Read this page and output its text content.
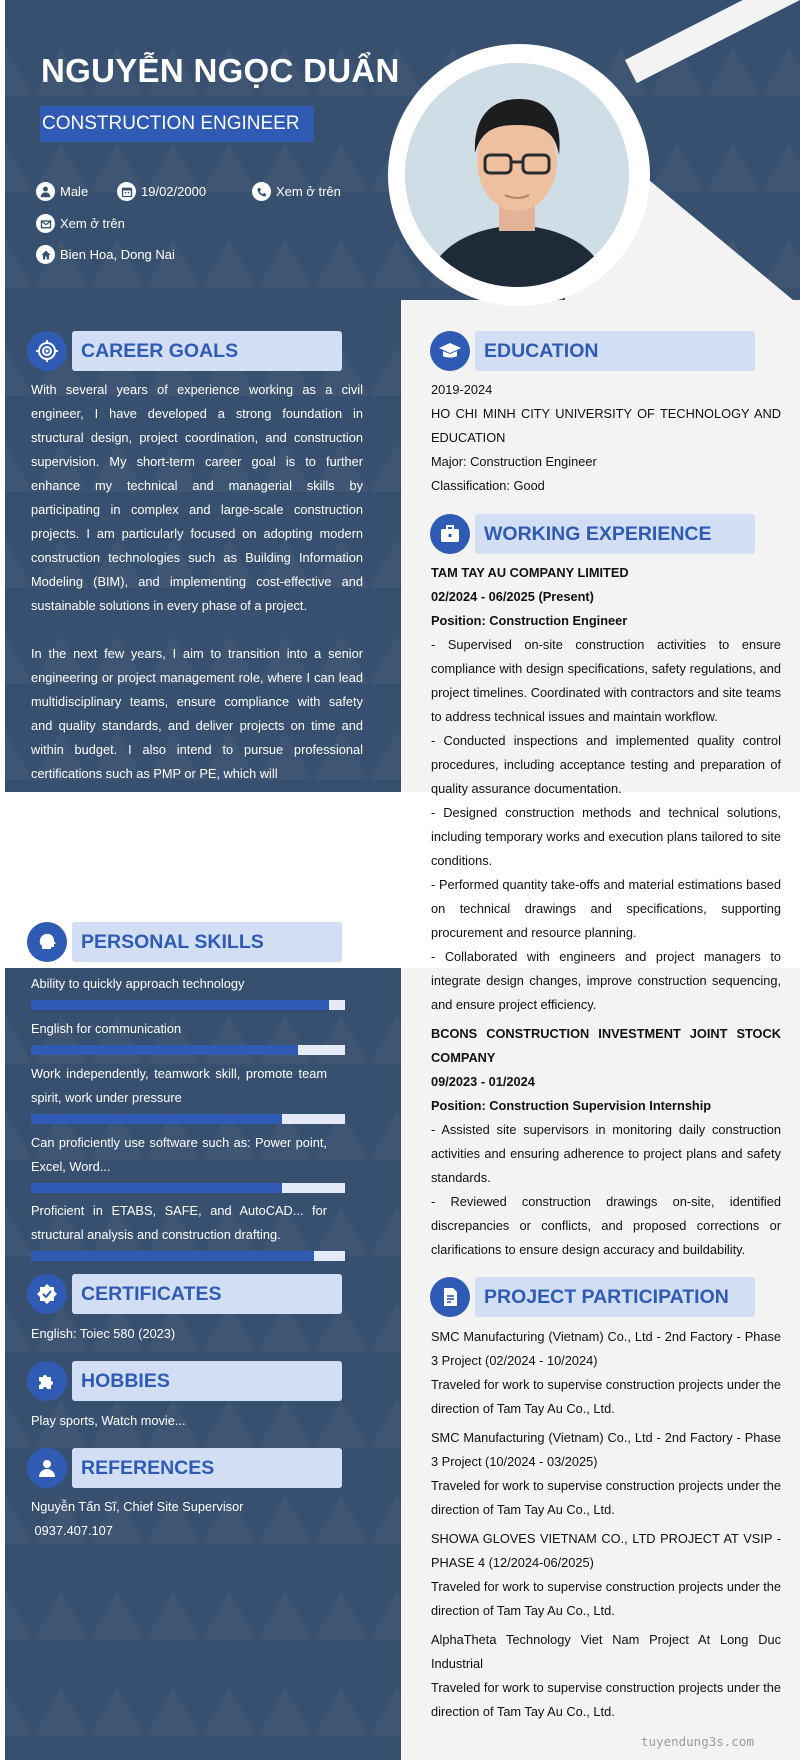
NGUYỄN NGỌC DUẨN
CONSTRUCTION ENGINEER
Male	19/02/2000	Xem ở trên
Xem ở trên
Bien Hoa, Dong Nai
CAREER GOALS
With several years of experience working as a civil engineer, I have developed a strong foundation in structural design, project coordination, and construction supervision. My short-term career goal is to further enhance my technical and managerial skills by participating in complex and large-scale construction projects. I am particularly focused on adopting modern construction technologies such as Building Information Modeling (BIM), and implementing cost-effective and sustainable solutions in every phase of a project.
In the next few years, I aim to transition into a senior engineering or project management role, where I can lead multidisciplinary teams, ensure compliance with safety and quality standards, and deliver projects on time and within budget. I also intend to pursue professional certifications such as PMP or PE, which will
PERSONAL SKILLS
Ability to quickly approach technology
English for communication
Work independently, teamwork skill, promote team spirit, work under pressure
Can proficiently use software such as: Power point, Excel, Word...
Proficient in ETABS, SAFE, and AutoCAD... for structural analysis and construction drafting.
CERTIFICATES
English: Toiec 580 (2023)
HOBBIES
Play sports, Watch movie...
REFERENCES
Nguyễn Tấn Sĩ, Chief Site Supervisor
0937.407.107
EDUCATION
2019-2024
HO CHI MINH CITY UNIVERSITY OF TECHNOLOGY AND EDUCATION
Major: Construction Engineer
Classification: Good
WORKING EXPERIENCE
TAM TAY AU COMPANY LIMITED
02/2024 - 06/2025 (Present)
Position: Construction Engineer
- Supervised on-site construction activities to ensure compliance with design specifications, safety regulations, and project timelines. Coordinated with contractors and site teams to address technical issues and maintain workflow.
- Conducted inspections and implemented quality control procedures, including acceptance testing and preparation of quality assurance documentation.
- Designed construction methods and technical solutions, including temporary works and execution plans tailored to site conditions.
- Performed quantity take-offs and material estimations based on technical drawings and specifications, supporting procurement and resource planning.
- Collaborated with engineers and project managers to integrate design changes, improve construction sequencing, and ensure project efficiency.
BCONS CONSTRUCTION INVESTMENT JOINT STOCK COMPANY
09/2023 - 01/2024
Position: Construction Supervision Internship
- Assisted site supervisors in monitoring daily construction activities and ensuring adherence to project plans and safety standards.
- Reviewed construction drawings on-site, identified discrepancies or conflicts, and proposed corrections or clarifications to ensure design accuracy and buildability.
PROJECT PARTICIPATION
SMC Manufacturing (Vietnam) Co., Ltd - 2nd Factory - Phase 3 Project (02/2024 - 10/2024)
Traveled for work to supervise construction projects under the direction of Tam Tay Au Co., Ltd.
SMC Manufacturing (Vietnam) Co., Ltd - 2nd Factory - Phase 3 Project (10/2024 - 03/2025)
Traveled for work to supervise construction projects under the direction of Tam Tay Au Co., Ltd.
SHOWA GLOVES VIETNAM CO., LTD PROJECT AT VSIP - PHASE 4 (12/2024-06/2025)
Traveled for work to supervise construction projects under the direction of Tam Tay Au Co., Ltd.
AlphaTheta Technology Viet Nam Project At Long Duc Industrial
Traveled for work to supervise construction projects under the direction of Tam Tay Au Co., Ltd.
tuyendung3s.com
